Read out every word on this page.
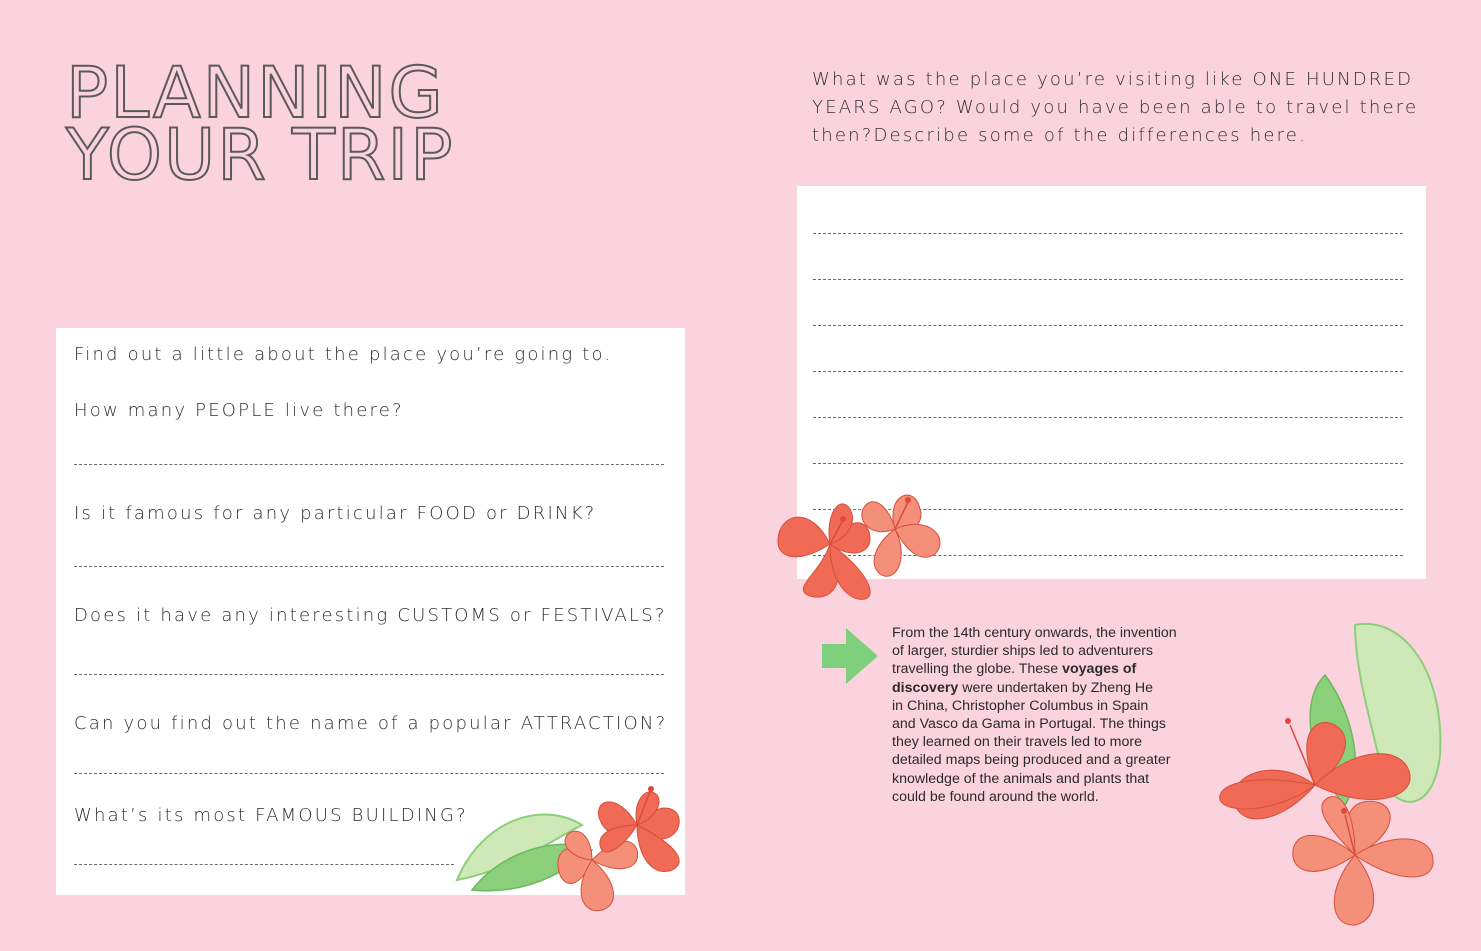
PLANNING
YOUR TRIP
Find out a little about the place you’re going to.
How many PEOPLE live there?
Is it famous for any particular FOOD or DRINK?
Does it have any interesting CUSTOMS or FESTIVALS?
Can you find out the name of a popular ATTRACTION?
What’s its most FAMOUS BUILDING?
What was the place you’re visiting like ONE HUNDRED
YEARS AGO? Would you have been able to travel there
then?Describe some of the differences here.
From the 14th century onwards, the invention
of larger, sturdier ships led to adventurers
travelling the globe. These voyages of
discovery were undertaken by Zheng He
in China, Christopher Columbus in Spain
and Vasco da Gama in Portugal. The things
they learned on their travels led to more
detailed maps being produced and a greater
knowledge of the animals and plants that
could be found around the world.
